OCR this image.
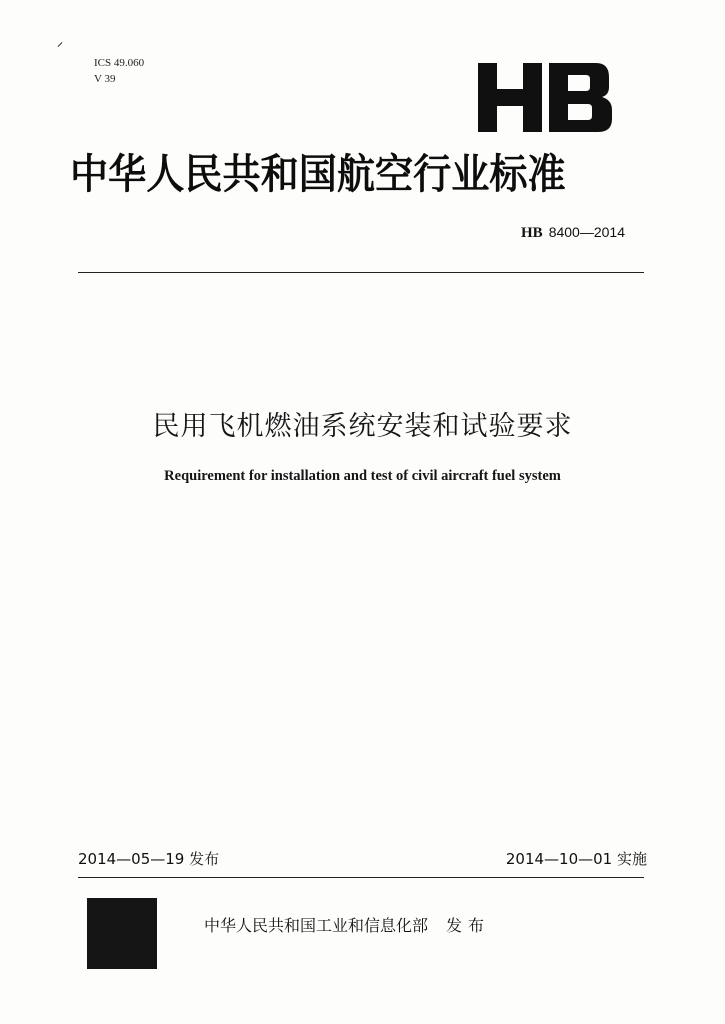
ICS 49.060
V 39
中华人民共和国航空行业标准
HB 8400—2014
民用飞机燃油系统安装和试验要求
Requirement for installation and test of civil aircraft fuel system
2014—05—19 发布	2014—10—01 实施
中华人民共和国工业和信息化部 发布
